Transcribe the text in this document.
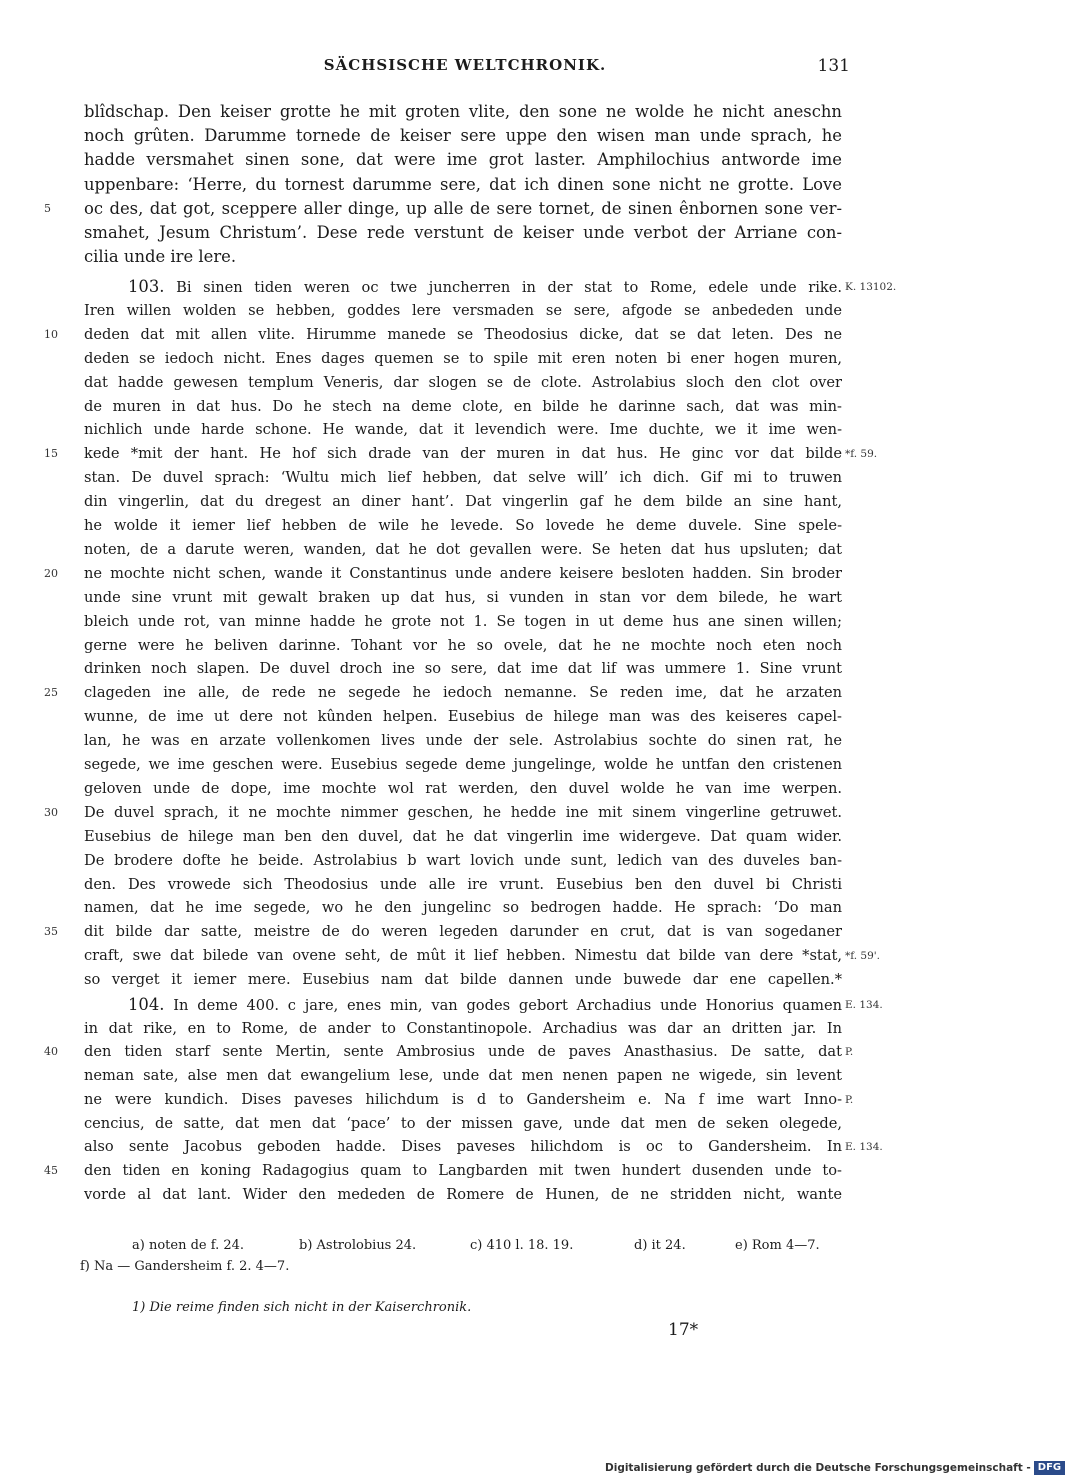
SÄCHSISCHE WELTCHRONIK.	131
blîdschap. Den keiser grotte he mit groten vlite, den sone ne wolde he nicht aneschn
noch grûten. Darumme tornede de keiser sere uppe den wisen man unde sprach, he
hadde versmahet sinen sone, dat were ime grot laster. Amphilochius antworde ime
uppenbare: ‘Herre, du tornest darumme sere, dat ich dinen sone nicht ne grotte. Love
oc des, dat got, sceppere aller dinge, up alle de sere tornet, de sinen ênbornen sone ver-
smahet, Jesum Christum’. Dese rede verstunt de keiser unde verbot der Arriane con-
cilia unde ire lere.
103. Bi sinen tiden weren oc twe juncherren in der stat to Rome, edele unde rike.
Iren willen wolden se hebben, goddes lere versmaden se sere, afgode se anbededen unde
deden dat mit allen vlite. Hirumme manede se Theodosius dicke, dat se dat leten. Des ne
deden se iedoch nicht. Enes dages quemen se to spile mit eren noten bi ener hogen muren,
dat hadde gewesen templum Veneris, dar slogen se de clote. Astrolabius sloch den clot over
de muren in dat hus. Do he stech na deme clote, en bilde he darinne sach, dat was min-
nichlich unde harde schone. He wande, dat it levendich were. Ime duchte, we it ime wen-
kede *mit der hant. He hof sich drade van der muren in dat hus. He ginc vor dat bilde
stan. De duvel sprach: ‘Wultu mich lief hebben, dat selve will’ ich dich. Gif mi to truwen
din vingerlin, dat du dregest an diner hant’. Dat vingerlin gaf he dem bilde an sine hant,
he wolde it iemer lief hebben de wile he levede. So lovede he deme duvele. Sine spele-
noten, de a darute weren, wanden, dat he dot gevallen were. Se heten dat hus upsluten; dat
ne mochte nicht schen, wande it Constantinus unde andere keisere besloten hadden. Sin broder
unde sine vrunt mit gewalt braken up dat hus, si vunden in stan vor dem bilede, he wart
bleich unde rot, van minne hadde he grote not 1. Se togen in ut deme hus ane sinen willen;
gerne were he beliven darinne. Tohant vor he so ovele, dat he ne mochte noch eten noch
drinken noch slapen. De duvel droch ine so sere, dat ime dat lif was ummere 1. Sine vrunt
clageden ine alle, de rede ne segede he iedoch nemanne. Se reden ime, dat he arzaten
wunne, de ime ut dere not kûnden helpen. Eusebius de hilege man was des keiseres capel-
lan, he was en arzate vollenkomen lives unde der sele. Astrolabius sochte do sinen rat, he
segede, we ime geschen were. Eusebius segede deme jungelinge, wolde he untfan den cristenen
geloven unde de dope, ime mochte wol rat werden, den duvel wolde he van ime werpen.
De duvel sprach, it ne mochte nimmer geschen, he hedde ine mit sinem vingerline getruwet.
Eusebius de hilege man ben den duvel, dat he dat vingerlin ime widergeve. Dat quam wider.
De brodere dofte he beide. Astrolabius b wart lovich unde sunt, ledich van des duveles ban-
den. Des vrowede sich Theodosius unde alle ire vrunt. Eusebius ben den duvel bi Christi
namen, dat he ime segede, wo he den jungelinc so bedrogen hadde. He sprach: ‘Do man
dit bilde dar satte, meistre de do weren legeden darunder en crut, dat is van sogedaner
craft, swe dat bilede van ovene seht, de mût it lief hebben. Nimestu dat bilde van dere *stat,
so verget it iemer mere. Eusebius nam dat bilde dannen unde buwede dar ene capellen.*
104. In deme 400. c jare, enes min, van godes gebort Archadius unde Honorius quamen
in dat rike, en to Rome, de ander to Constantinopole. Archadius was dar an dritten jar. In
den tiden starf sente Mertin, sente Ambrosius unde de paves Anasthasius. De satte, dat
neman sate, alse men dat ewangelium lese, unde dat men nenen papen ne wigede, sin levent
ne were kundich. Dises paveses hilichdum is d to Gandersheim e. Na f ime wart Inno-
cencius, de satte, dat men dat ‘pace’ to der missen gave, unde dat men de seken olegede,
also sente Jacobus geboden hadde. Dises paveses hilichdom is oc to Gandersheim. In
den tiden en koning Radagogius quam to Langbarden mit twen hundert dusenden unde to-
vorde al dat lant. Wider den mededen de Romere de Hunen, de ne stridden nicht, wante
5
10
15
20
25
30
35
40
45
K. 13102.
*f. 59.
*f. 59'.
E. 134.
P.
P.
E. 134.
a) noten de f. 24.	b) Astrolobius 24.	c) 410 l. 18. 19.	d) it 24.	e) Rom 4—7.
f) Na — Gandersheim f. 2. 4—7.
1) Die reime finden sich nicht in der Kaiserchronik.
17*
Digitalisierung gefördert durch die Deutsche Forschungsgemeinschaft - DFG
